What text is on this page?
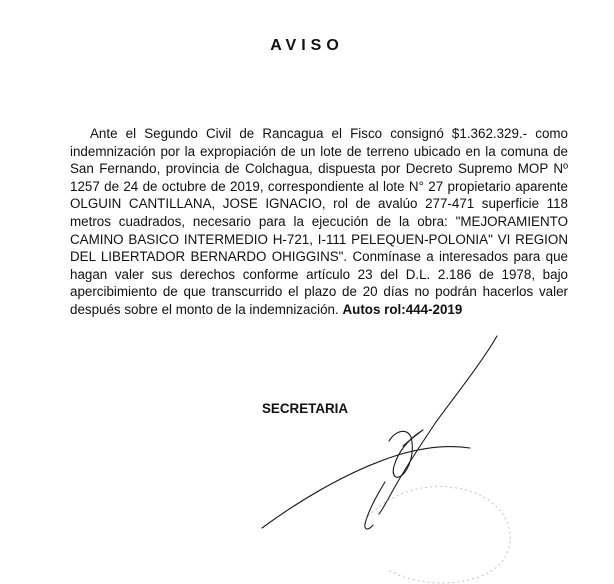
AVISO

Ante el Segundo Civil de Rancagua el Fisco consignó $1.362.329.- como indemnización por la expropiación de un lote de terreno ubicado en la comuna de San Fernando, provincia de Colchagua, dispuesta por Decreto Supremo MOP Nº 1257 de 24 de octubre de 2019, correspondiente al lote N° 27 propietario aparente OLGUIN CANTILLANA, JOSE IGNACIO, rol de avalúo 277-471 superficie 118 metros cuadrados, necesario para la ejecución de la obra: "MEJORAMIENTO CAMINO BASICO INTERMEDIO H-721, I-111 PELEQUEN-POLONIA" VI REGION DEL LIBERTADOR BERNARDO OHIGGINS". Conmínase a interesados para que hagan valer sus derechos conforme artículo 23 del D.L. 2.186 de 1978, bajo apercibimiento de que transcurrido el plazo de 20 días no podrán hacerlos valer después sobre el monto de la indemnización. Autos rol:444-2019

SECRETARIA
